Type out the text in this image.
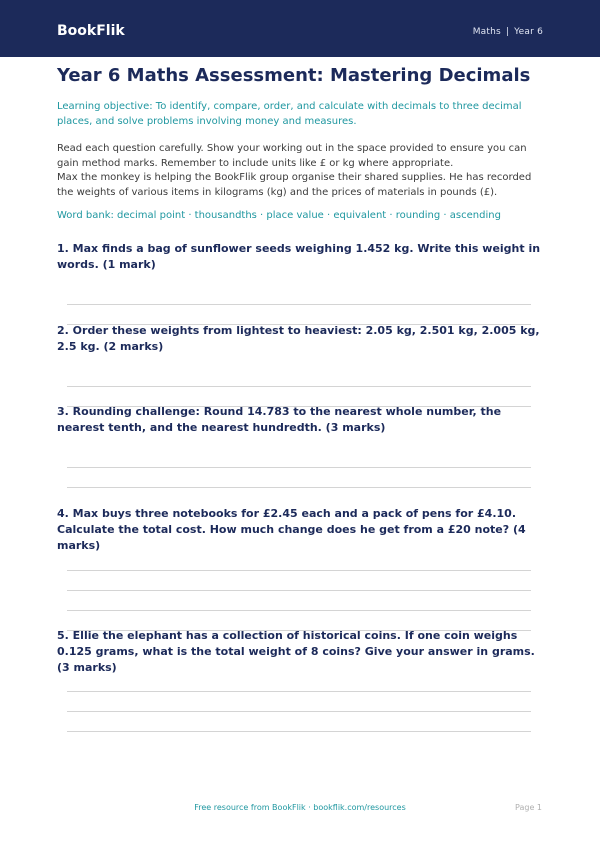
BookFlik	Maths | Year 6
Year 6 Maths Assessment: Mastering Decimals

Learning objective: To identify, compare, order, and calculate with decimals to three decimal places, and solve problems involving money and measures.

Read each question carefully. Show your working out in the space provided to ensure you can gain method marks. Remember to include units like £ or kg where appropriate.

Max the monkey is helping the BookFlik group organise their shared supplies. He has recorded the weights of various items in kilograms (kg) and the prices of materials in pounds (£).

Word bank: decimal point · thousandths · place value · equivalent · rounding · ascending

1. Max finds a bag of sunflower seeds weighing 1.452 kg. Write this weight in words. (1 mark)

2. Order these weights from lightest to heaviest: 2.05 kg, 2.501 kg, 2.005 kg, 2.5 kg. (2 marks)

3. Rounding challenge: Round 14.783 to the nearest whole number, the nearest tenth, and the nearest hundredth. (3 marks)

4. Max buys three notebooks for £2.45 each and a pack of pens for £4.10. Calculate the total cost. How much change does he get from a £20 note? (4 marks)

5. Ellie the elephant has a collection of historical coins. If one coin weighs 0.125 grams, what is the total weight of 8 coins? Give your answer in grams. (3 marks)

Free resource from BookFlik · bookflik.com/resources	Page 1
